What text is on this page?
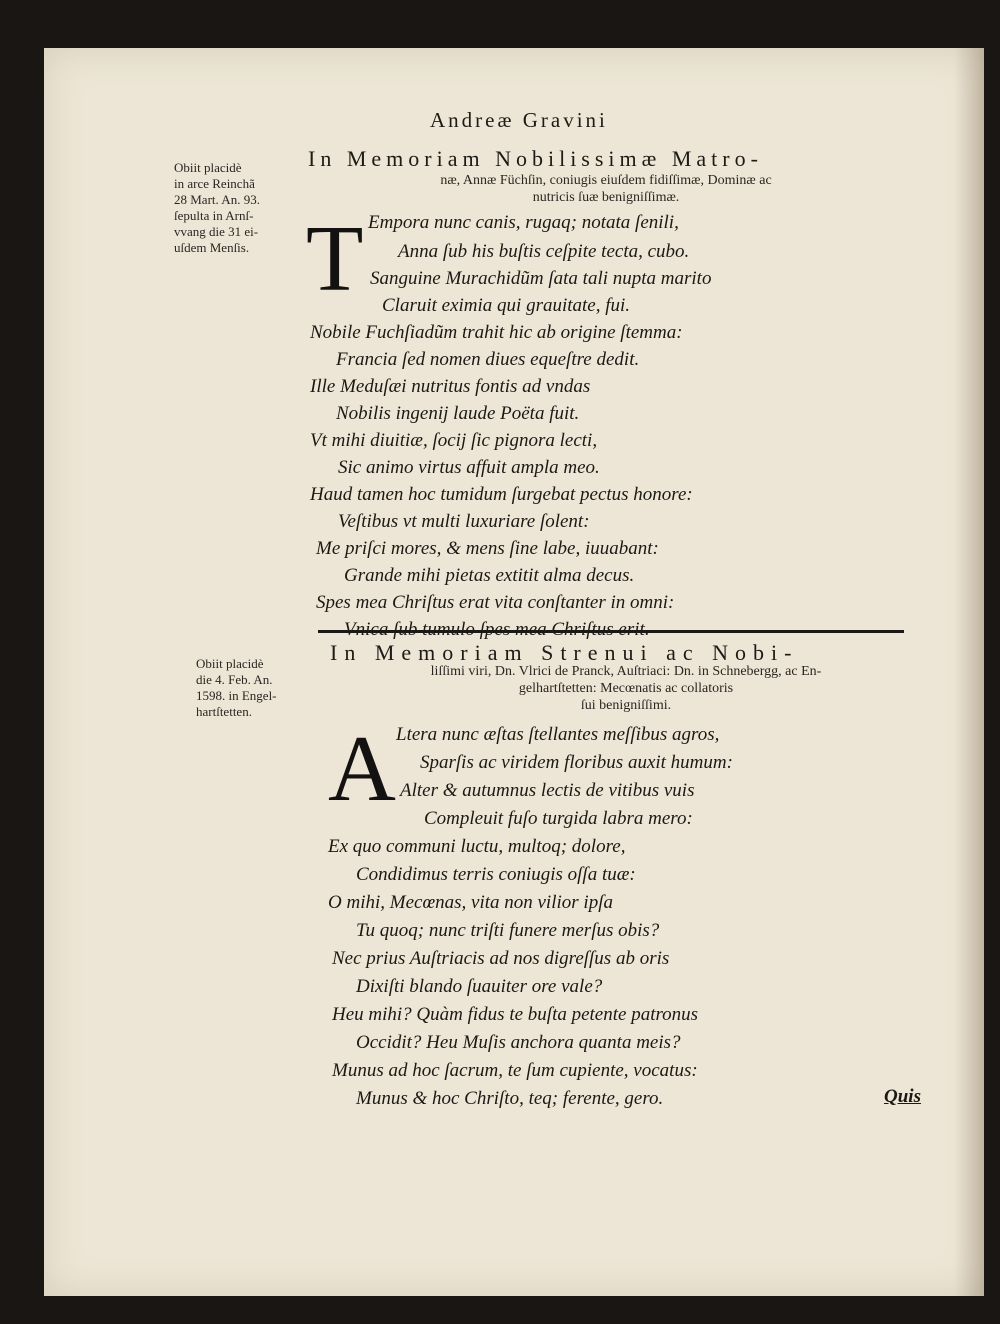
Andreæ Gravini
Obiit placidè
in arce Reinchã
28 Mart. An. 93.
ſepulta in Arnſ-
vvang die 31 ei-
uſdem Menſis.
In Memoriam Nobilissimæ Matro-
næ, Annæ Füchſin, coniugis eiuſdem fidiſſimæ, Dominæ ac
nutricis ſuæ benigniſſimæ.
T Empora nunc canis, rugaq; notata ſenili,
Anna ſub his buſtis ceſpite tecta, cubo.
Sanguine Murachidũm ſata tali nupta marito
Claruit eximia qui grauitate, fui.
Nobile Fuchſiadũm trahit hic ab origine ſtemma:
Francia ſed nomen diues equeſtre dedit.
Ille Meduſæi nutritus fontis ad vndas
Nobilis ingenij laude Poëta fuit.
Vt mihi diuitiæ, ſocij ſic pignora lecti,
Sic animo virtus affuit ampla meo.
Haud tamen hoc tumidum ſurgebat pectus honore:
Veſtibus vt multi luxuriare ſolent:
Me priſci mores, & mens ſine labe, iuuabant:
Grande mihi pietas extitit alma decus.
Spes mea Chriſtus erat vita conſtanter in omni:
Obiit placidè
die 4. Feb. An.
1598. in Engel-
hartſtetten.
In Memoriam Strenui ac Nobi-
liſſimi viri, Dn. Vlrici de Pranck, Auſtriaci: Dn. in Schnebergg, ac En-
gelhartſtetten: Mecœnatis ac collatoris
ſui benigniſſimi.
A Ltera nunc æſtas ſtellantes meſſibus agros,
Sparſis ac viridem floribus auxit humum:
Alter & autumnus lectis de vitibus vuis
Compleuit fuſo turgida labra mero:
Ex quo communi luctu, multoq; dolore,
Condidimus terris coniugis oſſa tuæ:
O mihi, Mecœnas, vita non vilior ipſa
Tu quoq; nunc triſti funere merſus obis?
Nec prius Auſtriacis ad nos digreſſus ab oris
Dixiſti blando ſuauiter ore vale?
Heu mihi? Quàm fidus te buſta petente patronus
Occidit? Heu Muſis anchora quanta meis?
Munus ad hoc ſacrum, te ſum cupiente, vocatus:
Munus & hoc Chriſto, teq; ferente, gero.	Quis
